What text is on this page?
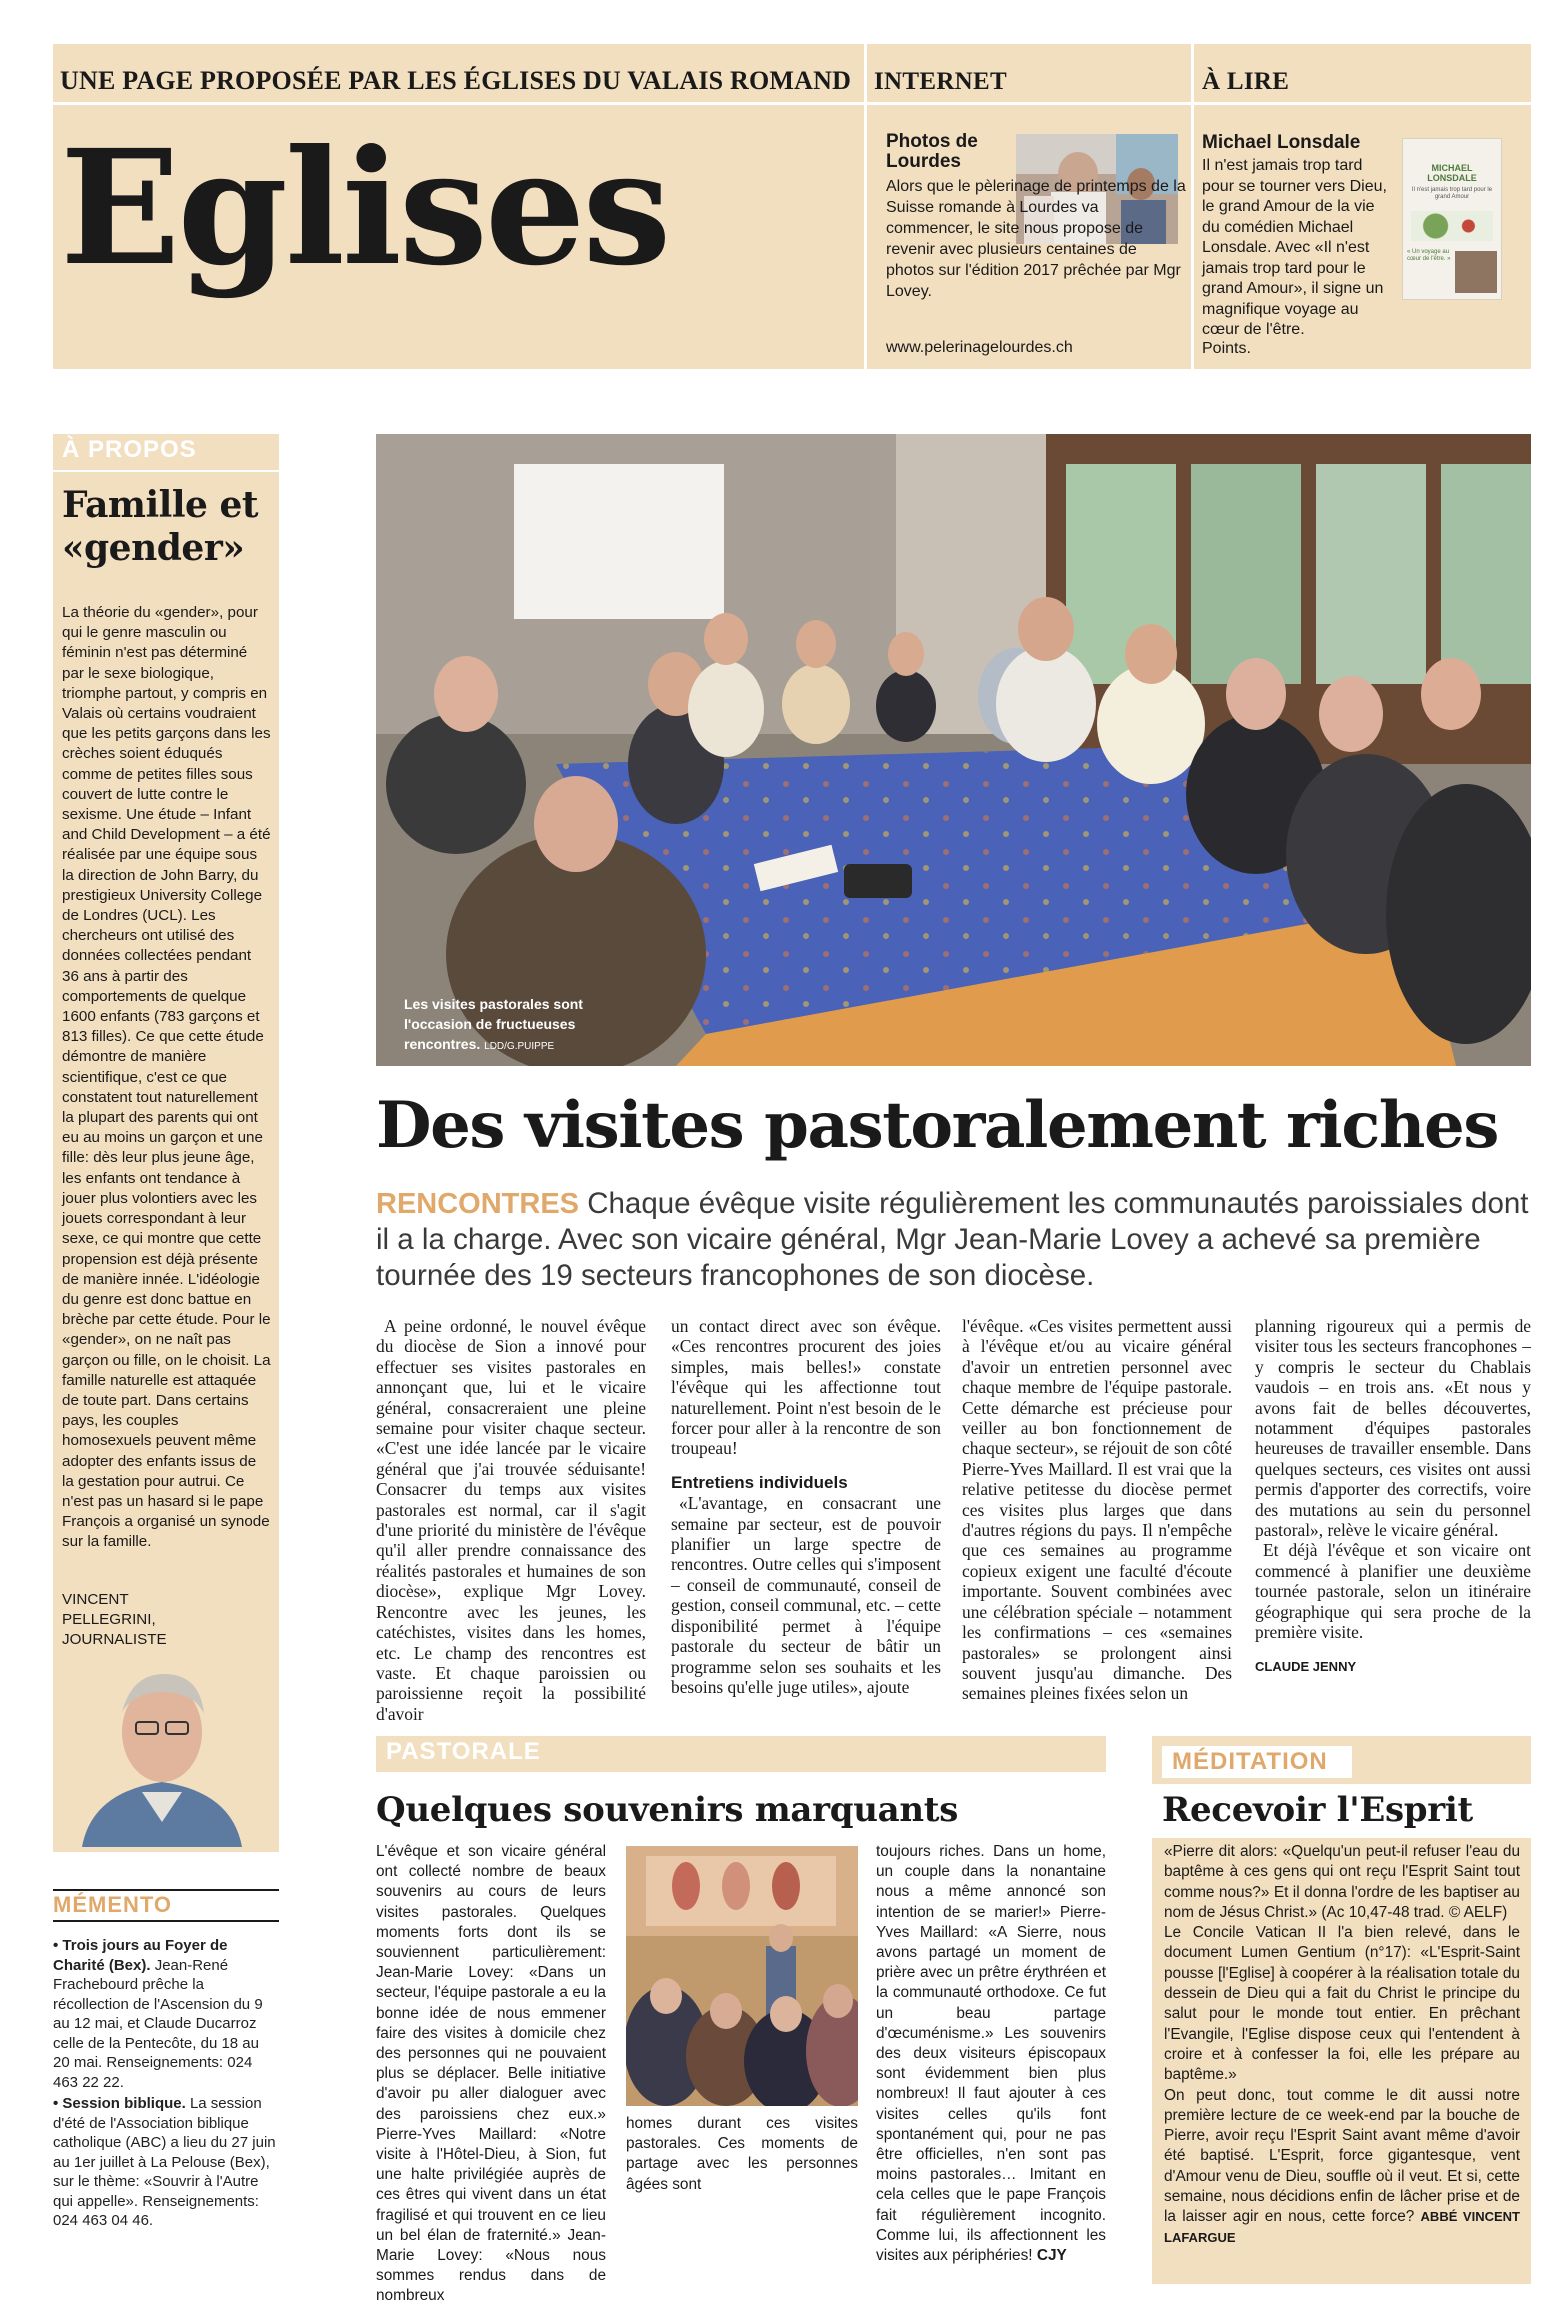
UNE PAGE PROPOSÉE PAR LES ÉGLISES DU VALAIS ROMAND
Eglises
INTERNET
Photos de Lourdes
Alors que le pèlerinage de printemps de la Suisse romande à Lourdes va commencer, le site nous propose de revenir avec plusieurs centaines de photos sur l'édition 2017 prêchée par Mgr Lovey.
www.pelerinagelourdes.ch
À LIRE
Michael Lonsdale
Il n'est jamais trop tard pour se tourner vers Dieu, le grand Amour de la vie du comédien Michael Lonsdale. Avec «Il n'est jamais trop tard pour le grand Amour», il signe un magnifique voyage au cœur de l'être.
Points.
MICHAEL LONSDALE
Il n'est jamais trop tard pour le grand Amour
« Un voyage au cœur de l'être. »
À PROPOS
Famille et «gender»
La théorie du «gender», pour qui le genre masculin ou féminin n'est pas déterminé par le sexe biologique, triomphe partout, y compris en Valais où certains voudraient que les petits garçons dans les crèches soient éduqués comme de petites filles sous couvert de lutte contre le sexisme. Une étude – Infant and Child Development – a été réalisée par une équipe sous la direction de John Barry, du prestigieux University College de Londres (UCL). Les chercheurs ont utilisé des données collectées pendant 36 ans à partir des comportements de quelque 1600 enfants (783 garçons et 813 filles). Ce que cette étude démontre de manière scientifique, c'est ce que constatent tout naturellement la plupart des parents qui ont eu au moins un garçon et une fille: dès leur plus jeune âge, les enfants ont tendance à jouer plus volontiers avec les jouets correspondant à leur sexe, ce qui montre que cette propension est déjà présente de manière innée. L'idéologie du genre est donc battue en brèche par cette étude. Pour le «gender», on ne naît pas garçon ou fille, on le choisit. La famille naturelle est attaquée de toute part. Dans certains pays, les couples homosexuels peuvent même adopter des enfants issus de la gestation pour autrui. Ce n'est pas un hasard si le pape François a organisé un synode sur la famille.
VINCENT PELLEGRINI, JOURNALISTE
MÉMENTO
• Trois jours au Foyer de Charité (Bex). Jean-René Frachebourd prêche la récollection de l'Ascension du 9 au 12 mai, et Claude Ducarroz celle de la Pentecôte, du 18 au 20 mai. Renseignements: 024 463 22 22.
• Session biblique. La session d'été de l'Association biblique catholique (ABC) a lieu du 27 juin au 1er juillet à La Pelouse (Bex), sur le thème: «Souvrir à l'Autre qui appelle». Renseignements: 024 463 04 46.
Les visites pastorales sont l'occasion de fructueuses rencontres. LDD/G.PUIPPE
Des visites pastoralement riches
RENCONTRES Chaque évêque visite régulièrement les communautés paroissiales dont il a la charge. Avec son vicaire général, Mgr Jean-Marie Lovey a achevé sa première tournée des 19 secteurs francophones de son diocèse.

A peine ordonné, le nouvel évêque du diocèse de Sion a innové pour effectuer ses visites pastorales en annonçant que, lui et le vicaire général, consacreraient une pleine semaine pour visiter chaque secteur. «C'est une idée lancée par le vicaire général que j'ai trouvée séduisante! Consacrer du temps aux visites pastorales est normal, car il s'agit d'une priorité du ministère de l'évêque qu'il aller prendre connaissance des réalités pastorales et humaines de son diocèse», explique Mgr Lovey. Rencontre avec les jeunes, les catéchistes, visites dans les homes, etc. Le champ des rencontres est vaste. Et chaque paroissien ou paroissienne reçoit la possibilité d'avoir

un contact direct avec son évêque. «Ces rencontres procurent des joies simples, mais belles!» constate l'évêque qui les affectionne tout naturellement. Point n'est besoin de le forcer pour aller à la rencontre de son troupeau!

Entretiens individuels

«L'avantage, en consacrant une semaine par secteur, est de pouvoir planifier un large spectre de rencontres. Outre celles qui s'imposent – conseil de communauté, conseil de gestion, conseil communal, etc. – cette disponibilité permet à l'équipe pastorale du secteur de bâtir un programme selon ses souhaits et les besoins qu'elle juge utiles», ajoute

l'évêque. «Ces visites permettent aussi à l'évêque et/ou au vicaire général d'avoir un entretien personnel avec chaque membre de l'équipe pastorale. Cette démarche est précieuse pour veiller au bon fonctionnement de chaque secteur», se réjouit de son côté Pierre-Yves Maillard. Il est vrai que la relative petitesse du diocèse permet ces visites plus larges que dans d'autres régions du pays. Il n'empêche que ces semaines au programme copieux exigent une faculté d'écoute importante. Souvent combinées avec une célébration spéciale – notamment les confirmations – ces «semaines pastorales» se prolongent ainsi souvent jusqu'au dimanche. Des semaines pleines fixées selon un

planning rigoureux qui a permis de visiter tous les secteurs francophones – y compris le secteur du Chablais vaudois – en trois ans. «Et nous y avons fait de belles découvertes, notamment d'équipes pastorales heureuses de travailler ensemble. Dans quelques secteurs, ces visites ont aussi permis d'apporter des correctifs, voire des mutations au sein du personnel pastoral», relève le vicaire général.

Et déjà l'évêque et son vicaire ont commencé à planifier une deuxième tournée pastorale, selon un itinéraire géographique qui sera proche de la première visite.

CLAUDE JENNY

PASTORALE
Quelques souvenirs marquants

L'évêque et son vicaire général ont collecté nombre de beaux souvenirs au cours de leurs visites pastorales. Quelques moments forts dont ils se souviennent particulièrement: Jean-Marie Lovey: «Dans un secteur, l'équipe pastorale a eu la bonne idée de nous emmener faire des visites à domicile chez des personnes qui ne pouvaient plus se déplacer. Belle initiative d'avoir pu aller dialoguer avec des paroissiens chez eux.» Pierre-Yves Maillard: «Notre visite à l'Hôtel-Dieu, à Sion, fut une halte privilégiée auprès de ces êtres qui vivent dans un état fragilisé et qui trouvent en ce lieu un bel élan de fraternité.» Jean-Marie Lovey: «Nous nous sommes rendus dans de nombreux

homes durant ces visites pastorales. Ces moments de partage avec les personnes âgées sont

toujours riches. Dans un home, un couple dans la nonantaine nous a même annoncé son intention de se marier!» Pierre-Yves Maillard: «A Sierre, nous avons partagé un moment de prière avec un prêtre érythréen et la communauté orthodoxe. Ce fut un beau partage d'œcuménisme.» Les souvenirs des deux visiteurs épiscopaux sont évidemment bien plus nombreux! Il faut ajouter à ces visites celles qu'ils font spontanément qui, pour ne pas être officielles, n'en sont pas moins pastorales… Imitant en cela celles que le pape François fait régulièrement incognito. Comme lui, ils affectionnent les visites aux périphéries! CJY

MÉDITATION
Recevoir l'Esprit

«Pierre dit alors: «Quelqu'un peut-il refuser l'eau du baptême à ces gens qui ont reçu l'Esprit Saint tout comme nous?» Et il donna l'ordre de les baptiser au nom de Jésus Christ.» (Ac 10,47-48 trad. © AELF)

Le Concile Vatican II l'a bien relevé, dans le document Lumen Gentium (n°17): «L'Esprit-Saint pousse [l'Eglise] à coopérer à la réalisation totale du dessein de Dieu qui a fait du Christ le principe du salut pour le monde tout entier. En prêchant l'Evangile, l'Eglise dispose ceux qui l'entendent à croire et à confesser la foi, elle les prépare au baptême.»

On peut donc, tout comme le dit aussi notre première lecture de ce week-end par la bouche de Pierre, avoir reçu l'Esprit Saint avant même d'avoir été baptisé. L'Esprit, force gigantesque, vent d'Amour venu de Dieu, souffle où il veut. Et si, cette semaine, nous décidions enfin de lâcher prise et de la laisser agir en nous, cette force? ABBÉ VINCENT LAFARGUE
